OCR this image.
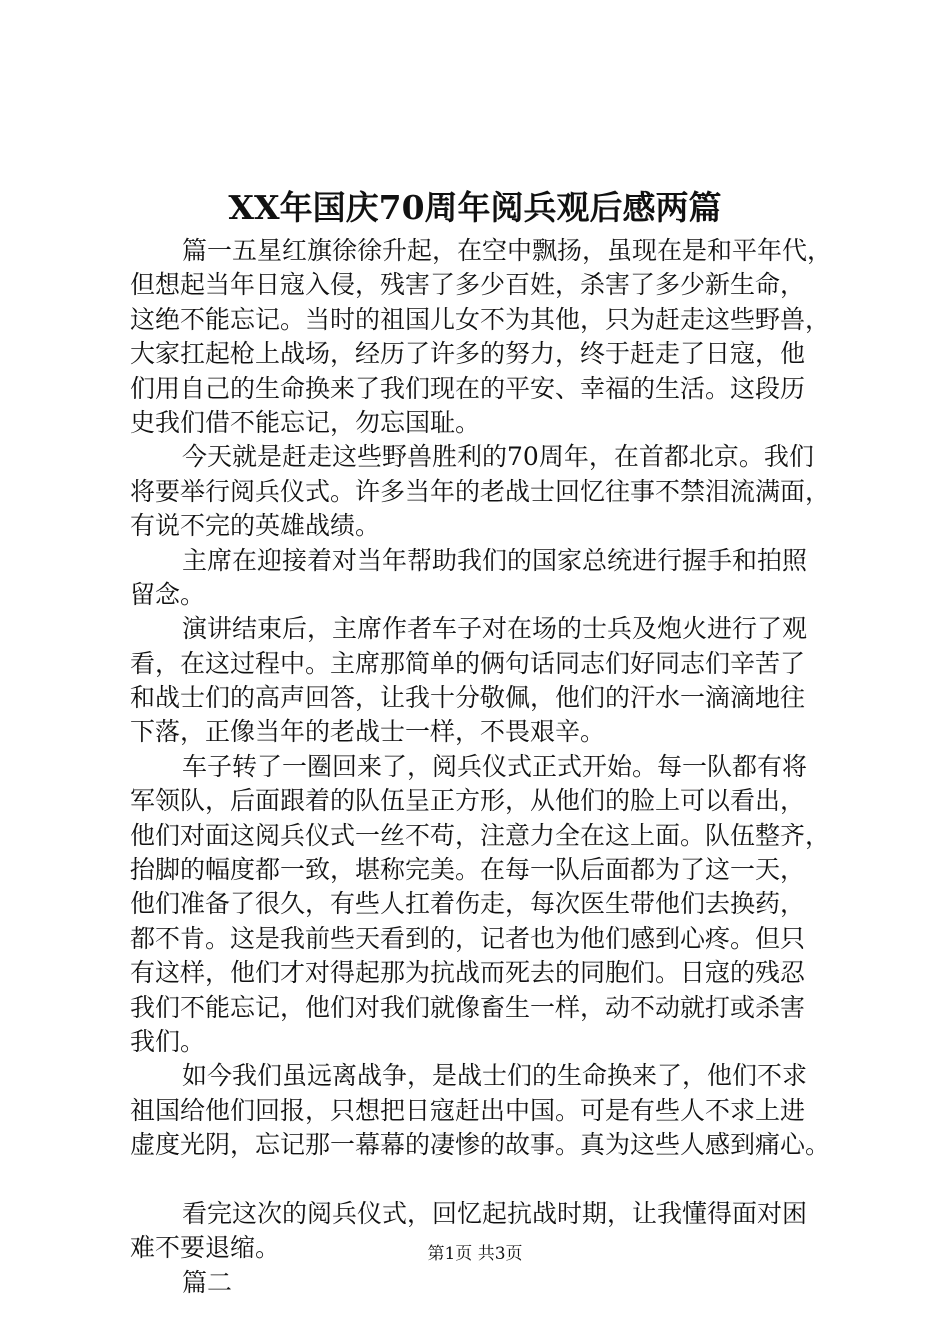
XX年国庆70周年阅兵观后感两篇
篇一五星红旗徐徐升起，在空中飘扬，虽现在是和平年代，
但想起当年日寇入侵，残害了多少百姓，杀害了多少新生命，
这绝不能忘记。当时的祖国儿女不为其他，只为赶走这些野兽，
大家扛起枪上战场，经历了许多的努力，终于赶走了日寇，他
们用自己的生命换来了我们现在的平安、幸福的生活。这段历
史我们借不能忘记，勿忘国耻。
今天就是赶走这些野兽胜利的70周年，在首都北京。我们
将要举行阅兵仪式。许多当年的老战士回忆往事不禁泪流满面，
有说不完的英雄战绩。
主席在迎接着对当年帮助我们的国家总统进行握手和拍照
留念。
演讲结束后，主席作者车子对在场的士兵及炮火进行了观
看，在这过程中。主席那简单的俩句话同志们好同志们辛苦了
和战士们的高声回答，让我十分敬佩，他们的汗水一滴滴地往
下落，正像当年的老战士一样，不畏艰辛。
车子转了一圈回来了，阅兵仪式正式开始。每一队都有将
军领队，后面跟着的队伍呈正方形，从他们的脸上可以看出，
他们对面这阅兵仪式一丝不苟，注意力全在这上面。队伍整齐，
抬脚的幅度都一致，堪称完美。在每一队后面都为了这一天，
他们准备了很久，有些人扛着伤走，每次医生带他们去换药，
都不肯。这是我前些天看到的，记者也为他们感到心疼。但只
有这样，他们才对得起那为抗战而死去的同胞们。日寇的残忍
我们不能忘记，他们对我们就像畜生一样，动不动就打或杀害
我们。
如今我们虽远离战争，是战士们的生命换来了，他们不求
祖国给他们回报，只想把日寇赶出中国。可是有些人不求上进
虚度光阴，忘记那一幕幕的凄惨的故事。真为这些人感到痛心。
看完这次的阅兵仪式，回忆起抗战时期，让我懂得面对困
难不要退缩。
篇二
第1页 共3页
